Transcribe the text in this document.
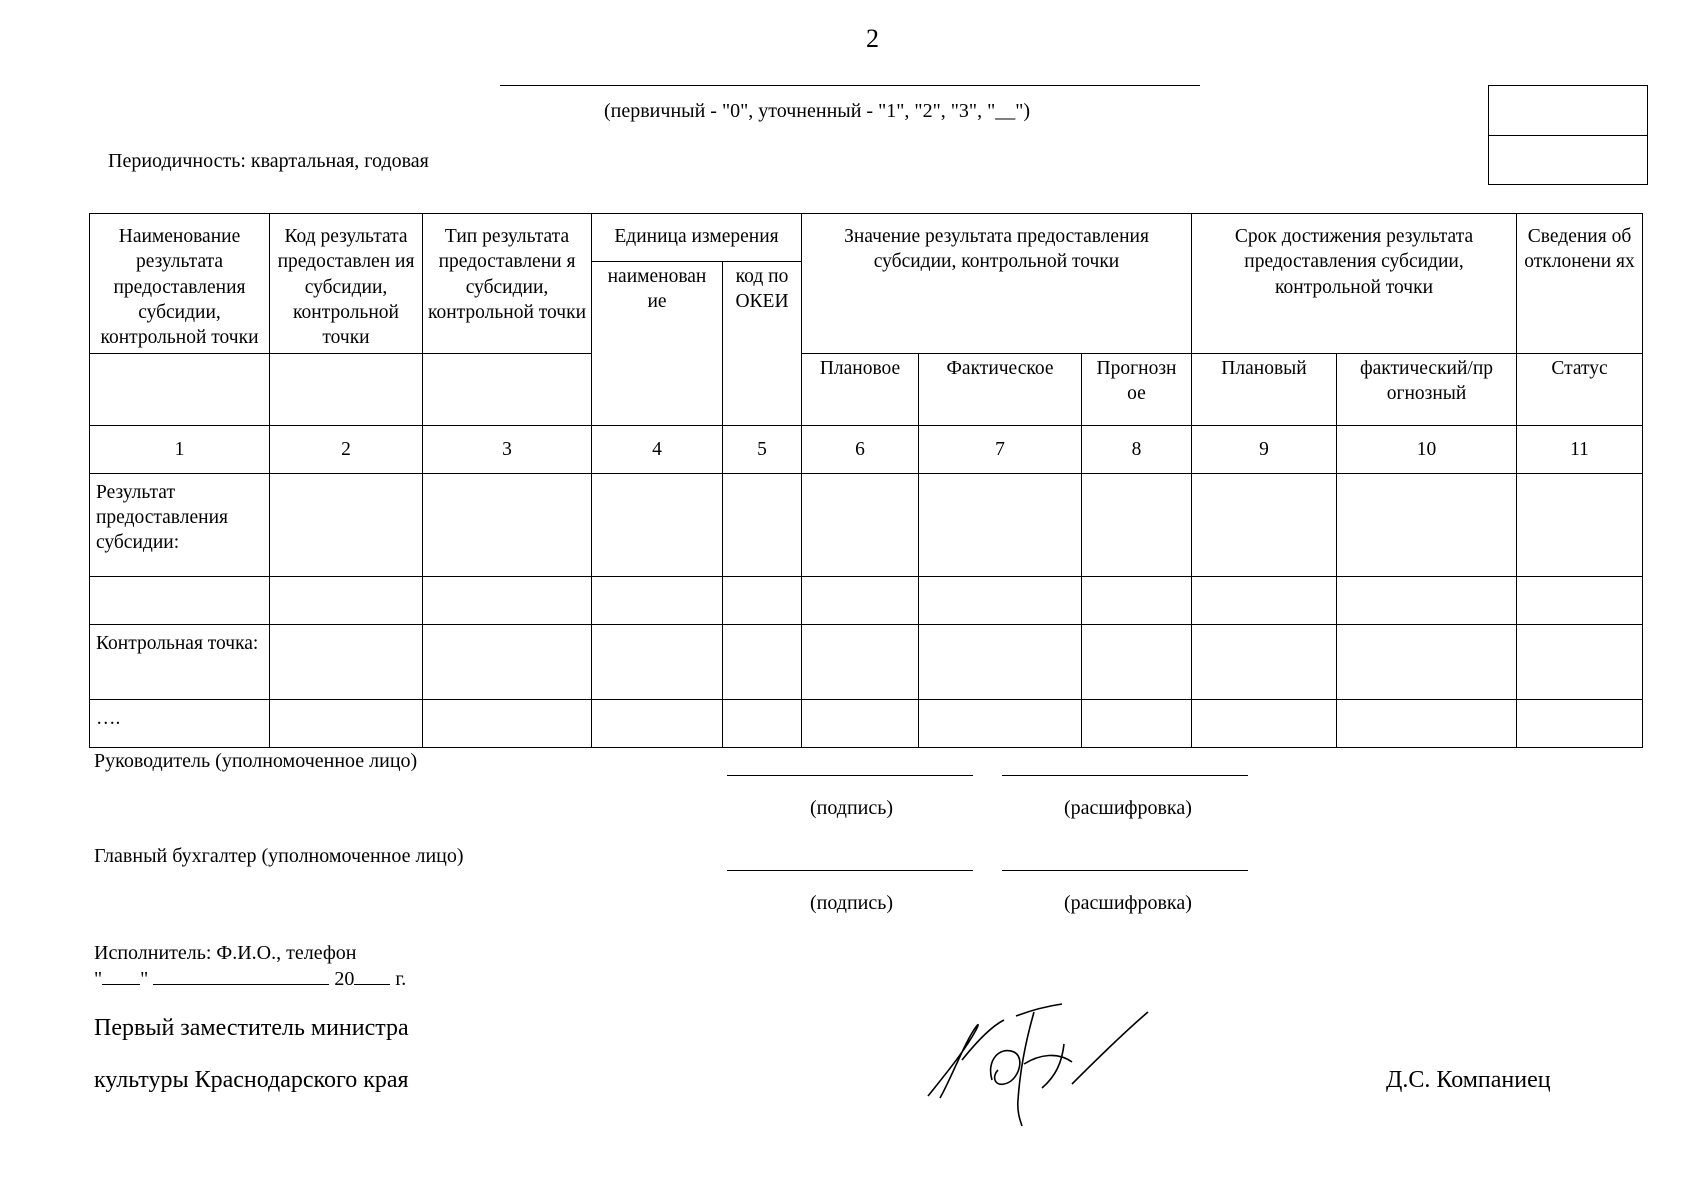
2
(первичный - "0", уточненный - "1", "2", "3", "__")
Периодичность: квартальная, годовая
Наименование результата предоставления субсидии, контрольной точки	Код результата предоставлен ия субсидии, контрольной точки	Тип результата предоставлени я субсидии, контрольной точки	Единица измерения		Значение результата предоставления субсидии, контрольной точки			Срок достижения результата предоставления субсидии, контрольной точки		Сведения об отклонени ях
			наименован ие	код по ОКЕИ						
					Плановое	Фактическое	Прогнозн ое	Плановый	фактический/пр огнозный	Статус
1	2	3	4	5	6	7	8	9	10	11
Результат предоставления субсидии:										

Контрольная точка:										
….										
Руководитель (уполномоченное лицо)
(подпись)	(расшифровка)
Главный бухгалтер (уполномоченное лицо)
(подпись)	(расшифровка)
Исполнитель: Ф.И.О., телефон
" "	20 г.
Первый заместитель министра
культуры Краснодарского края	Д.С. Компаниец
